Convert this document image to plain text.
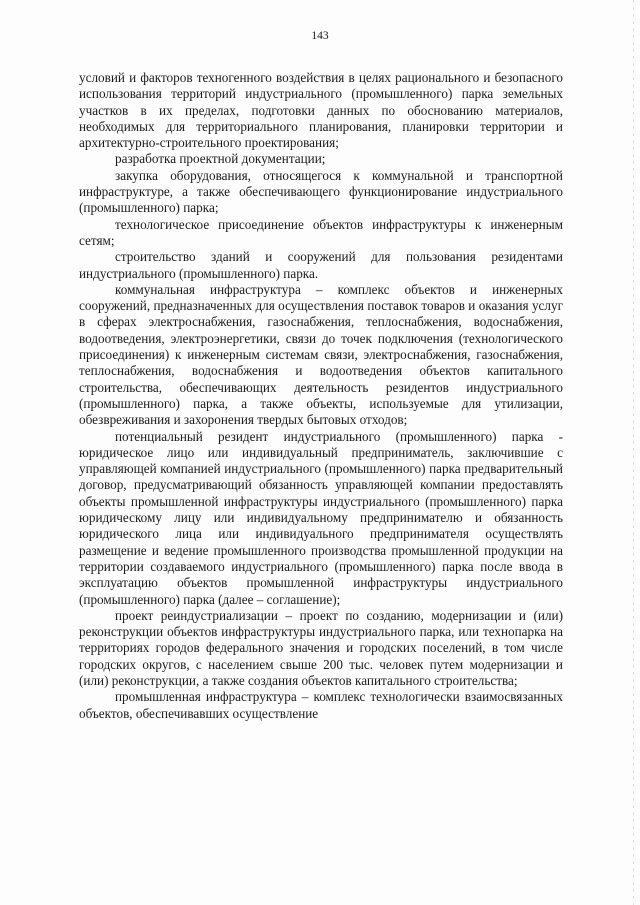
143

условий и факторов техногенного воздействия в целях рационального и безопасного использования территорий индустриального (промышленного) парка земельных участков в их пределах, подготовки данных по обоснованию материалов, необходимых для территориального планирования, планировки территории и архитектурно-строительного проектирования;

разработка проектной документации;

закупка оборудования, относящегося к коммунальной и транспортной инфраструктуре, а также обеспечивающего функционирование индустриального (промышленного) парка;

технологическое присоединение объектов инфраструктуры к инженерным сетям;

строительство зданий и сооружений для пользования резидентами индустриального (промышленного) парка.

коммунальная инфраструктура – комплекс объектов и инженерных сооружений, предназначенных для осуществления поставок товаров и оказания услуг в сферах электроснабжения, газоснабжения, теплоснабжения, водоснабжения, водоотведения, электроэнергетики, связи до точек подключения (технологического присоединения) к инженерным системам связи, электроснабжения, газоснабжения, теплоснабжения, водоснабжения и водоотведения объектов капитального строительства, обеспечивающих деятельность резидентов индустриального (промышленного) парка, а также объекты, используемые для утилизации, обезвреживания и захоронения твердых бытовых отходов;

потенциальный резидент индустриального (промышленного) парка - юридическое лицо или индивидуальный предприниматель, заключившие с управляющей компанией индустриального (промышленного) парка предварительный договор, предусматривающий обязанность управляющей компании предоставлять объекты промышленной инфраструктуры индустриального (промышленного) парка юридическому лицу или индивидуальному предпринимателю и обязанность юридического лица или индивидуального предпринимателя осуществлять размещение и ведение промышленного производства промышленной продукции на территории создаваемого индустриального (промышленного) парка после ввода в эксплуатацию объектов промышленной инфраструктуры индустриального (промышленного) парка (далее – соглашение);

проект реиндустриализации – проект по созданию, модернизации и (или) реконструкции объектов инфраструктуры индустриального парка, или технопарка на территориях городов федерального значения и городских поселений, в том числе городских округов, с населением свыше 200 тыс. человек путем модернизации и (или) реконструкции, а также создания объектов капитального строительства;

промышленная инфраструктура – комплекс технологически взаимосвязанных объектов, обеспечивавших осуществление
